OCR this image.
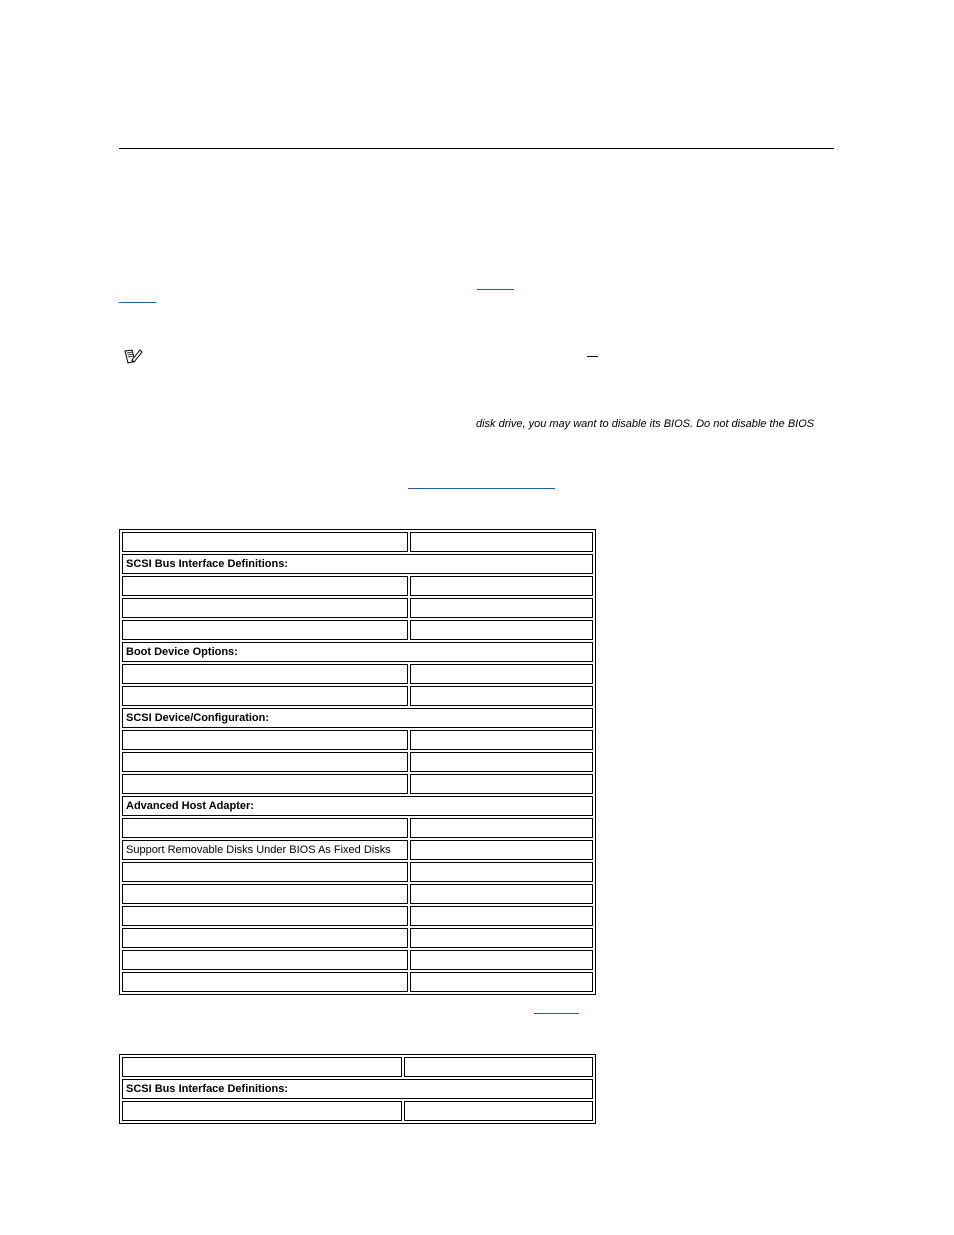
disk drive, you may want to disable its BIOS. Do not disable the BIOS

SCSI Bus Interface Definitions:	

Boot Device Options:	

SCSI Device/Configuration:	

Advanced Host Adapter:	

Support Removable Disks Under BIOS As Fixed Disks	

SCSI Bus Interface Definitions:	
